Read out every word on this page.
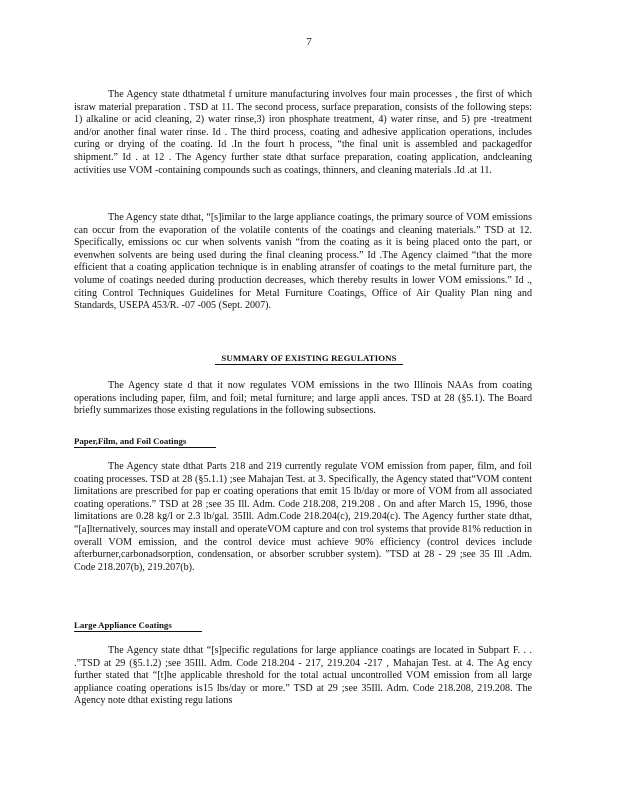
7

The Agency state dthatmetal f urniture manufacturing involves four main processes , the first of which israw material preparation . TSD at 11. The second process, surface preparation, consists of the following steps: 1) alkaline or acid cleaning, 2) water rinse,3) iron phosphate treatment, 4) water rinse, and 5) pre -treatment and/or another final water rinse. Id . The third process, coating and adhesive application operations, includes curing or drying of the coating. Id .In the fourt h process, “the final unit is assembled and packagedfor shipment.” Id . at 12 . The Agency further state dthat surface preparation, coating application, andcleaning activities use VOM -containing compounds such as coatings, thinners, and cleaning materials .Id .at 11.

The Agency state dthat, “[s]imilar to the large appliance coatings, the primary source of VOM emissions can occur from the evaporation of the volatile contents of the coatings and cleaning materials.” TSD at 12. Specifically, emissions oc cur when solvents vanish “from the coating as it is being placed onto the part, or evenwhen solvents are being used during the final cleaning process.” Id .The Agency claimed “that the more efficient that a coating application technique is in enabling atransfer of coatings to the metal furniture part, the volume of coatings needed during production decreases, which thereby results in lower VOM emissions.” Id ., citing Control Techniques Guidelines for Metal Furniture Coatings, Office of Air Quality Plan ning and Standards, USEPA 453/R. -07 -005 (Sept. 2007).

SUMMARY OF EXISTING REGULATIONS

The Agency state d that it now regulates VOM emissions in the two Illinois NAAs from coating operations including paper, film, and foil; metal furniture; and large appli ances. TSD at 28 (§5.1). The Board briefly summarizes those existing regulations in the following subsections.

Paper,Film, and Foil Coatings

The Agency state dthat Parts 218 and 219 currently regulate VOM emission from paper, film, and foil coating processes. TSD at 28 (§5.1.1) ;see Mahajan Test. at 3. Specifically, the Agency stated that“VOM content limitations are prescribed for pap er coating operations that emit 15 lb/day or more of VOM from all associated coating operations.” TSD at 28 ;see 35 Ill. Adm. Code 218.208, 219.208 . On and after March 15, 1996, those limitations are 0.28 kg/l or 2.3 lb/gal. 35Ill. Adm.Code 218.204(c), 219.204(c). The Agency further state dthat, “[a]lternatively, sources may install and operateVOM capture and con trol systems that provide 81% reduction in overall VOM emission, and the control device must achieve 90% efficiency (control devices include afterburner,carbonadsorption, condensation, or absorber scrubber system). ”TSD at 28 - 29 ;see 35 Ill .Adm. Code 218.207(b), 219.207(b).

Large Appliance Coatings

The Agency state dthat “[s]pecific regulations for large appliance coatings are located in Subpart F. . . .”TSD at 29 (§5.1.2) ;see 35Ill. Adm. Code 218.204 - 217, 219.204 -217 , Mahajan Test. at 4. The Ag ency further stated that “[t]he applicable threshold for the total actual uncontrolled VOM emission from all large appliance coating operations is15 lbs/day or more.” TSD at 29 ;see 35Ill. Adm. Code 218.208, 219.208. The Agency note dthat existing regu lations
